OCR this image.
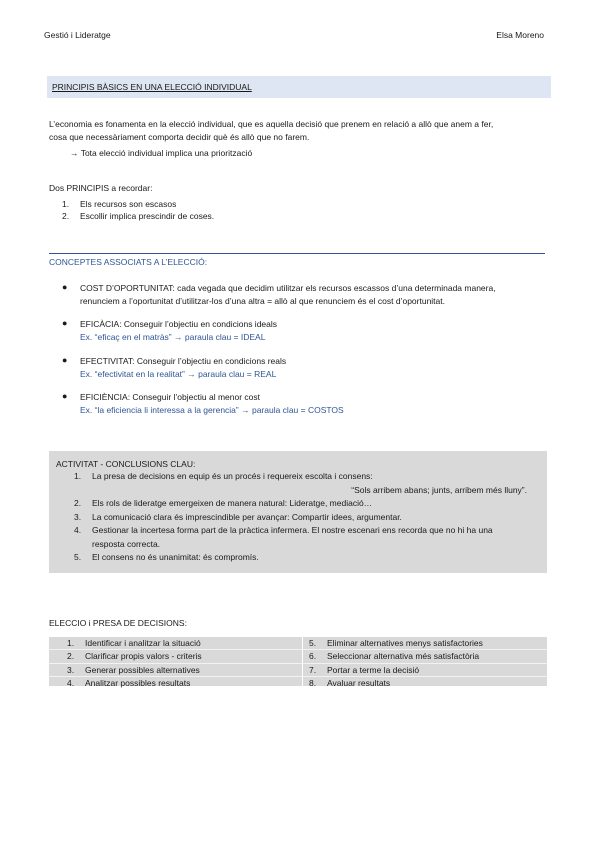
Gestió i Lideratge	Elsa Moreno
PRINCIPIS BÀSICS EN UNA ELECCIÓ INDIVIDUAL
L’economia es fonamenta en la elecció individual, que es aquella decisió que prenem en relació a allò que anem a fer,
cosa que necessàriament comporta decidir què és allò que no farem.
→ Tota elecció individual implica una priorització
Dos PRINCIPIS a recordar:
1. Els recursos son escasos
2. Escollir implica prescindir de coses.
CONCEPTES ASSOCIATS A L’ELECCIÓ:
● COST D’OPORTUNITAT: cada vegada que decidim utilitzar els recursos escassos d’una determinada manera,
renunciem a l’oportunitat d’utilitzar-los d’una altra = allò al que renunciem és el cost d’oportunitat.
● EFICÀCIA: Conseguir l’objectiu en condicions ideals
Ex. “eficaç en el matràs” → paraula clau = IDEAL
● EFECTIVITAT: Conseguir l’objectiu en condicions reals
Ex. “efectivitat en la realitat” → paraula clau = REAL
● EFICIÈNCIA: Conseguir l’objectiu al menor cost
Ex. “la eficiencia li interessa a la gerencia” → paraula clau = COSTOS
ACTIVITAT - CONCLUSIONS CLAU:
1. La presa de decisions en equip és un procés i requereix escolta i consens:
“Sols arribem abans; junts, arribem més lluny”.
2. Els rols de lideratge emergeixen de manera natural: Lideratge, mediació…
3. La comunicació clara és imprescindible per avançar: Compartir idees, argumentar.
4. Gestionar la incertesa forma part de la pràctica infermera. El nostre escenari ens recorda que no hi ha una
resposta correcta.
5. El consens no és unanimitat: és compromís.
ELECCIO i PRESA DE DECISIONS:
1. Identificar i analitzar la situació
2. Clarificar propis valors - criteris
3. Generar possibles alternatives
4. Analitzar possibles resultats
5. Eliminar alternatives menys satisfactories
6. Seleccionar alternativa més satisfactòria
7. Portar a terme la decisió
8. Avaluar resultats
